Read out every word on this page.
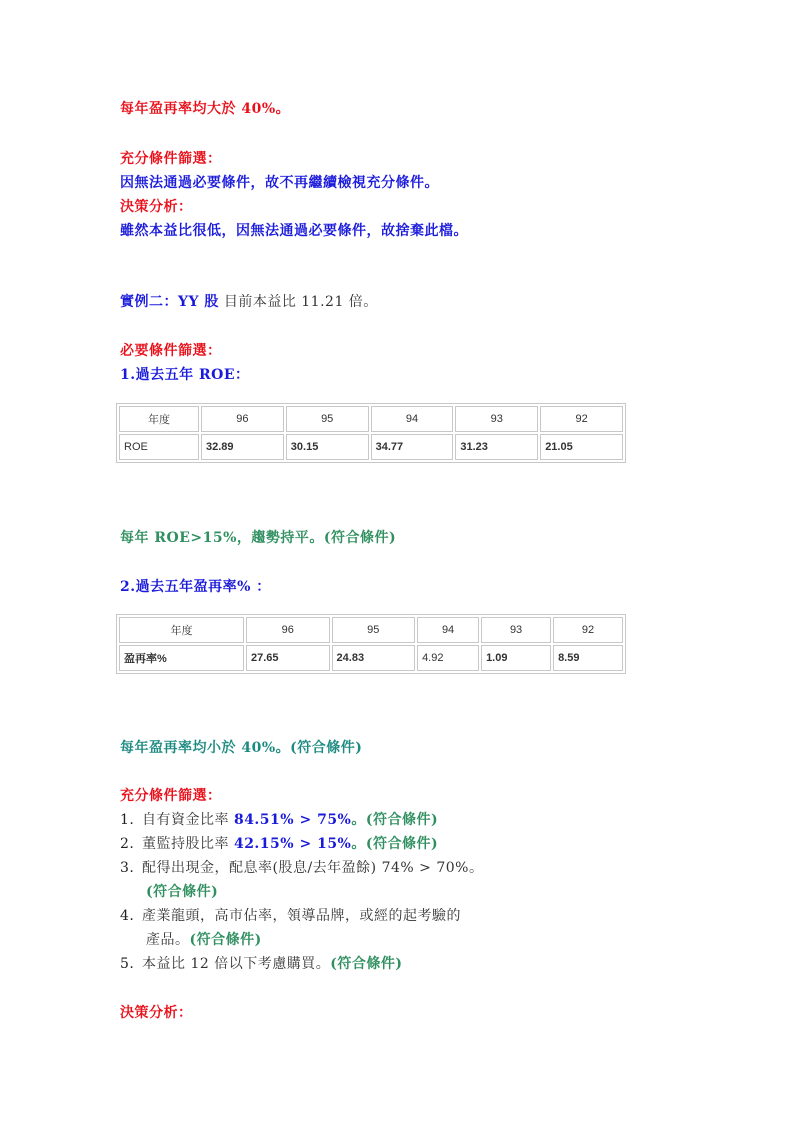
每年盈再率均大於 40%。
充分條件篩選：
因無法通過必要條件，故不再繼續檢視充分條件。
決策分析：
雖然本益比很低，因無法通過必要條件，故捨棄此檔。
實例二：YY 股 目前本益比 11.21 倍。
必要條件篩選：
1.過去五年 ROE：
年度	96	95	94	93	92
ROE	32.89	30.15	34.77	31.23	21.05
每年 ROE>15%，趨勢持平。(符合條件)
2.過去五年盈再率% ：
年度	96	95	94	93	92
盈再率%	27.65	24.83	4.92	1.09	8.59
每年盈再率均小於 40%。(符合條件)
充分條件篩選：
1. 自有資金比率 84.51% > 75%。(符合條件)
2. 董監持股比率 42.15% > 15%。(符合條件)
3. 配得出現金，配息率(股息/去年盈餘) 74% > 70%。
(符合條件)
4. 產業龍頭，高市佔率，領導品牌，或經的起考驗的
產品。(符合條件)
5. 本益比 12 倍以下考慮購買。(符合條件)
決策分析：
